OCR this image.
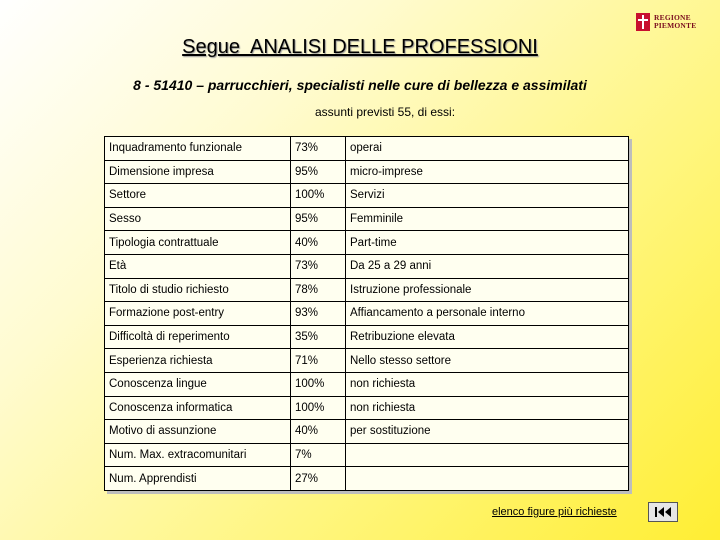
REGIONE
PIEMONTE
Segue  ANALISI DELLE PROFESSIONI
8 - 51410 – parrucchieri, specialisti nelle cure di bellezza e assimilati
assunti previsti 55, di essi:
Inquadramento funzionale	73%	operai
Dimensione impresa	95%	micro-imprese
Settore	100%	Servizi
Sesso	95%	Femminile
Tipologia contrattuale	40%	Part-time
Età	73%	Da 25 a 29 anni
Titolo di studio richiesto	78%	Istruzione professionale
Formazione post-entry	93%	Affiancamento a personale interno
Difficoltà di reperimento	35%	Retribuzione elevata
Esperienza richiesta	71%	Nello stesso settore
Conoscenza lingue	100%	non richiesta
Conoscenza informatica	100%	non richiesta
Motivo di assunzione	40%	per sostituzione
Num. Max. extracomunitari	7%	
Num. Apprendisti	27%	
elenco figure più richieste
